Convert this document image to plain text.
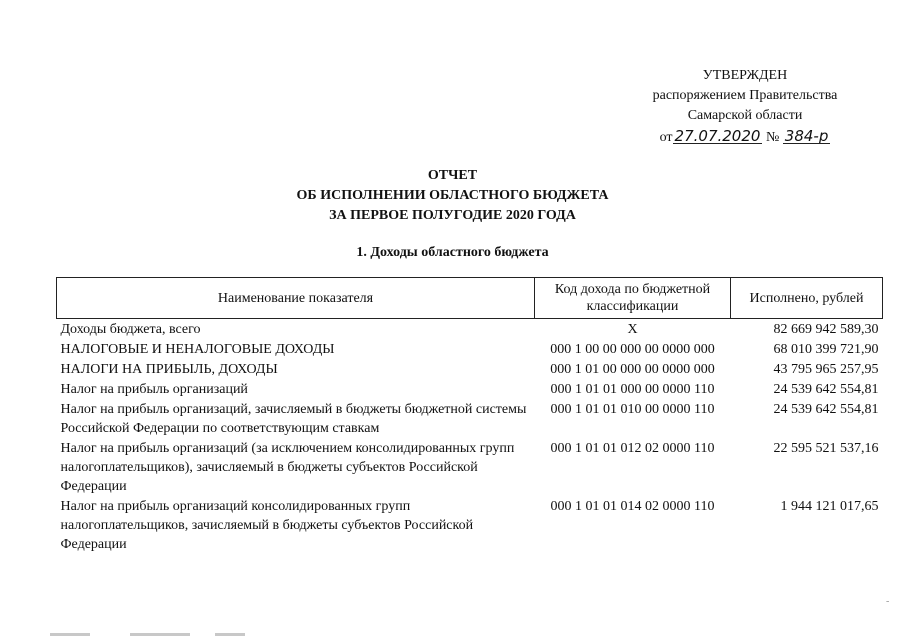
УТВЕРЖДЕН
распоряжением Правительства
Самарской области
от 27.07.2020 № 384-р
ОТЧЕТ
ОБ ИСПОЛНЕНИИ ОБЛАСТНОГО БЮДЖЕТА
ЗА ПЕРВОЕ ПОЛУГОДИЕ 2020 ГОДА
1. Доходы областного бюджета
Наименование показателя	Код дохода по бюджетной классификации	Исполнено, рублей
Доходы бюджета, всего	X	82 669 942 589,30
НАЛОГОВЫЕ И НЕНАЛОГОВЫЕ ДОХОДЫ	000 1 00 00 000 00 0000 000	68 010 399 721,90
НАЛОГИ НА ПРИБЫЛЬ, ДОХОДЫ	000 1 01 00 000 00 0000 000	43 795 965 257,95
Налог на прибыль организаций	000 1 01 01 000 00 0000 110	24 539 642 554,81
Налог на прибыль организаций, зачисляемый в бюджеты бюджетной системы Российской Федерации по соответствующим ставкам	000 1 01 01 010 00 0000 110	24 539 642 554,81
Налог на прибыль организаций (за исключением консолидированных групп налогоплательщиков), зачисляемый в бюджеты субъектов Российской Федерации	000 1 01 01 012 02 0000 110	22 595 521 537,16
Налог на прибыль организаций консолидированных групп налогоплательщиков, зачисляемый в бюджеты субъектов Российской Федерации	000 1 01 01 014 02 0000 110	1 944 121 017,65
-
